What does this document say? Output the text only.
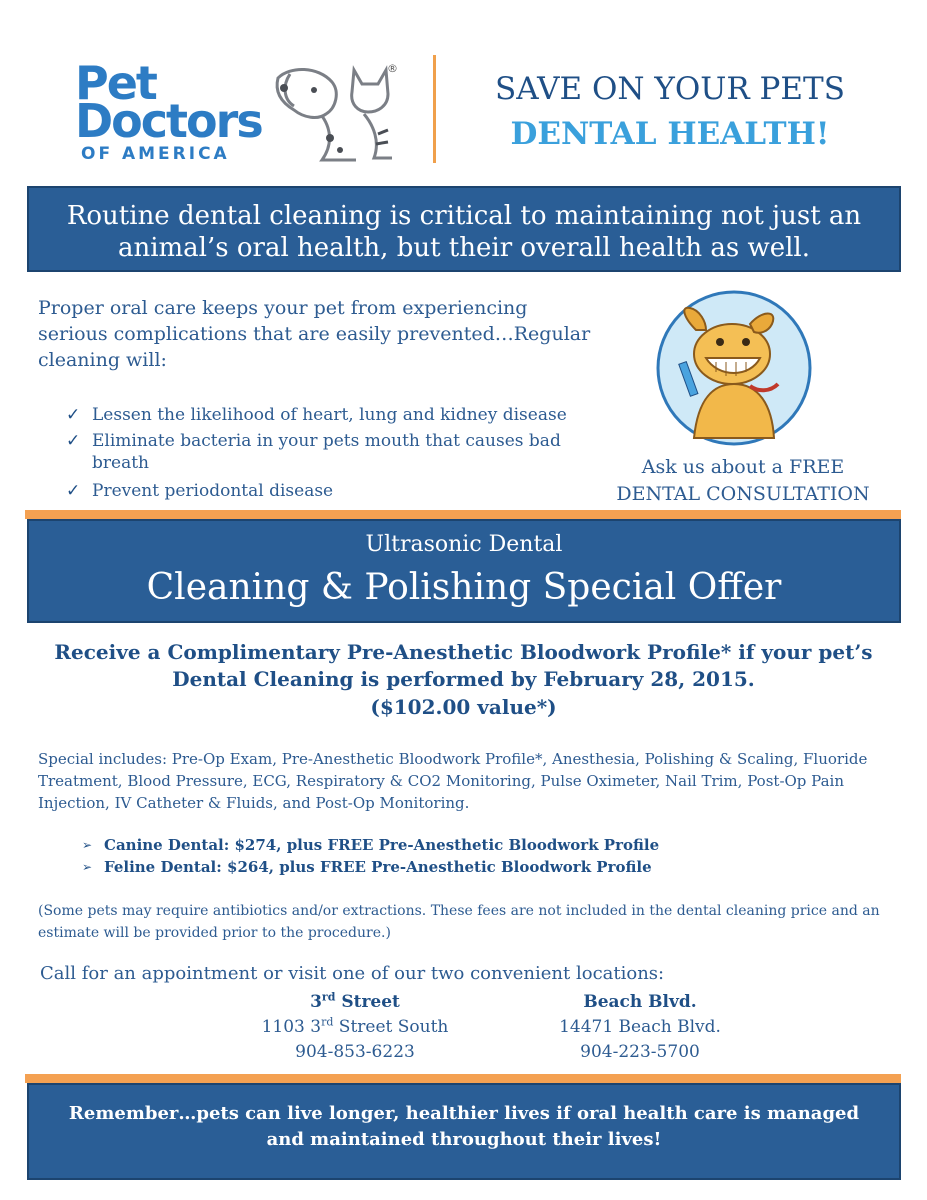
Pet
Doctors
OF AMERICA
®
SAVE ON YOUR PETS
DENTAL HEALTH!
Routine dental cleaning is critical to maintaining not just an animal’s oral health, but their overall health as well.
Proper oral care keeps your pet from experiencing serious complications that are easily prevented…Regular cleaning will:
✓ Lessen the likelihood of heart, lung and kidney disease
✓ Eliminate bacteria in your pets mouth that causes bad breath
✓ Prevent periodontal disease
Ask us about a FREE
DENTAL CONSULTATION
Ultrasonic Dental
Cleaning & Polishing Special Offer
Receive a Complimentary Pre-Anesthetic Bloodwork Profile* if your pet’s
Dental Cleaning is performed by February 28, 2015.
($102.00 value*)
Special includes: Pre-Op Exam, Pre-Anesthetic Bloodwork Profile*, Anesthesia, Polishing & Scaling, Fluoride Treatment, Blood Pressure, ECG, Respiratory & CO2 Monitoring, Pulse Oximeter, Nail Trim, Post-Op Pain Injection, IV Catheter & Fluids, and Post-Op Monitoring.
➢ Canine Dental: $274, plus FREE Pre-Anesthetic Bloodwork Profile
➢ Feline Dental: $264, plus FREE Pre-Anesthetic Bloodwork Profile
(Some pets may require antibiotics and/or extractions. These fees are not included in the dental cleaning price and an estimate will be provided prior to the procedure.)
Call for an appointment or visit one of our two convenient locations:
3rd Street
1103 3rd Street South
904-853-6223
Beach Blvd.
14471 Beach Blvd.
904-223-5700
Remember…pets can live longer, healthier lives if oral health care is managed and maintained throughout their lives!
